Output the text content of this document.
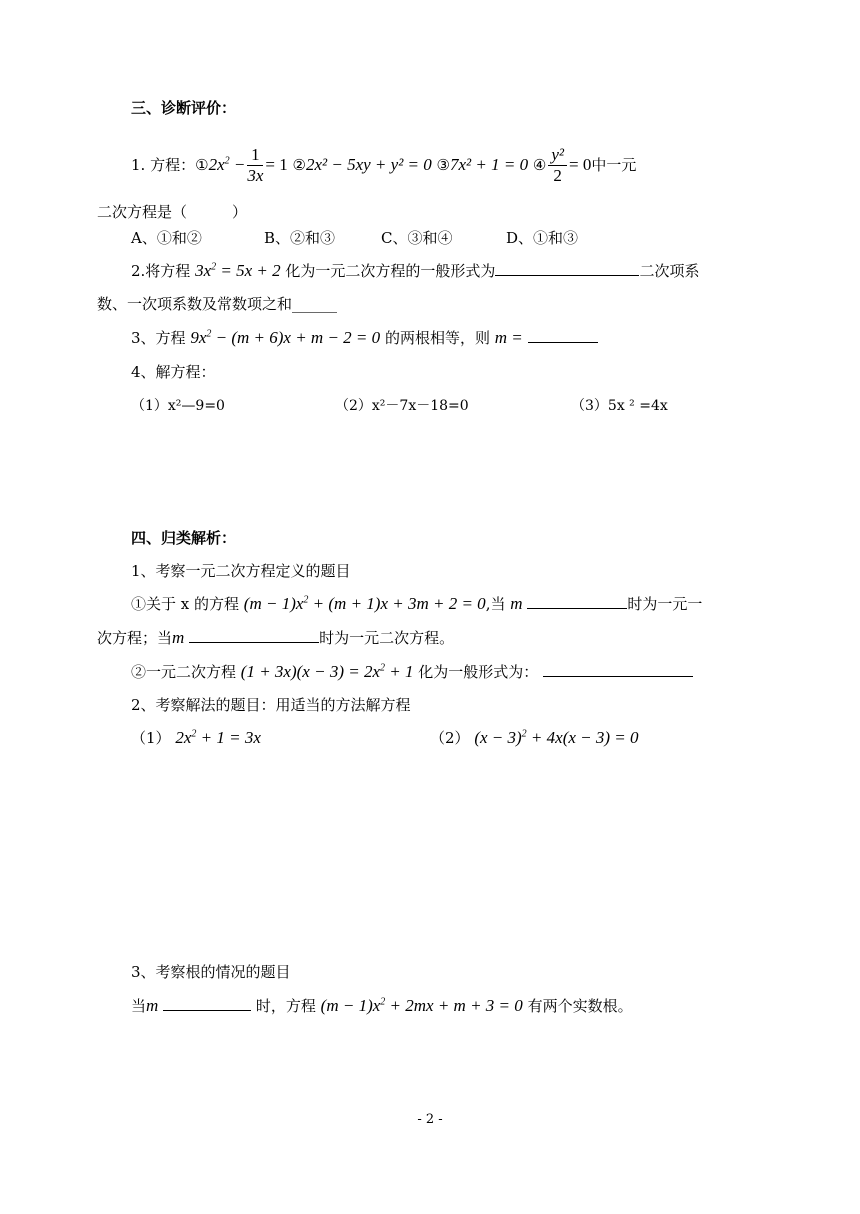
三、诊断评价：
1.
方程： ① $2x^2 - \frac{1}{3x} = 1$
② 2x² − 5xy + y² = 0
③ 7x² + 1 = 0
④ $\frac{\text{y²}}{2} = 0$ 中一元
二次方程是（　　　）
A、①和②	B、②和③	C、③和④	D、①和③
2.将方程 $3x^2 = 5x + 2$ 化为一元二次方程的一般形式为	二次项系
数、一次项系数及常数项之和______
3、方程 $9x^2 - (m + 6)x + m - 2 = 0$ 的两根相等，则 m =
4、解方程：
（1）x²—9=0	（2）x²－7x－18=0	（3）5x ² =4x
四、归类解析：
1、考察一元二次方程定义的题目
①关于 x 的方程 $(m - 1)x^2 + (m + 1)x + 3m + 2 = 0$,当 m	时为一元一
次方程；当m	时为一元二次方程。
②一元二次方程 $(1 + 3x)(x - 3) = 2x^2 + 1$ 化为一般形式为：
2、考察解法的题目：用适当的方法解方程
（1） $2x^2 + 1 = 3x$	（2） $(x - 3)^2 + 4x(x - 3) = 0$
3、考察根的情况的题目
当m	时，方程 $(m - 1)x^2 + 2mx + m + 3 = 0$ 有两个实数根。
- 2 -
